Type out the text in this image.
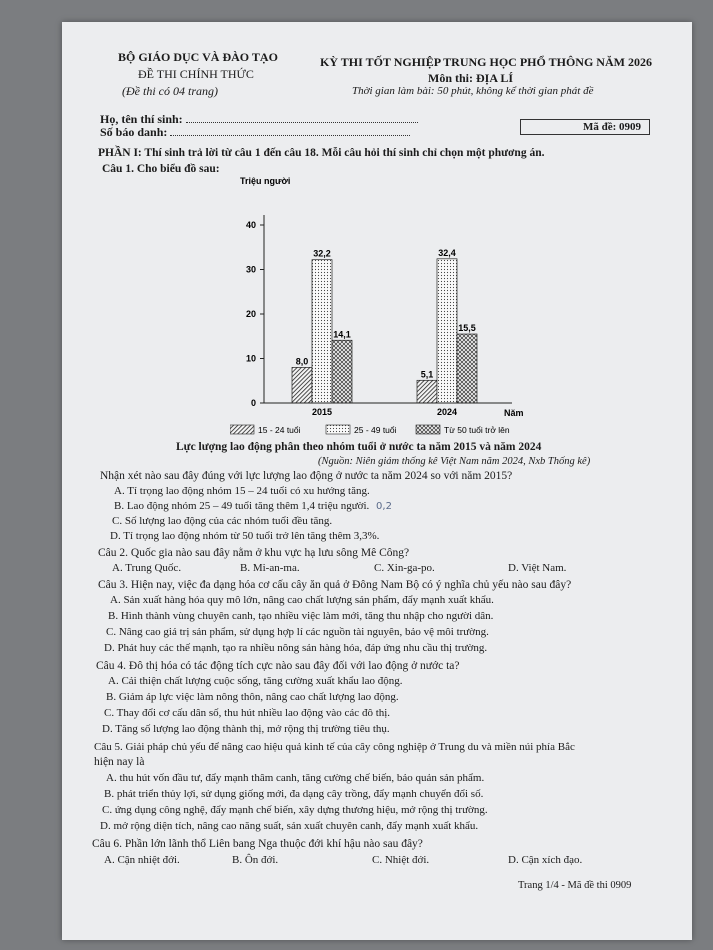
BỘ GIÁO DỤC VÀ ĐÀO TẠO
ĐỀ THI CHÍNH THỨC
(Đề thi có 04 trang)
KỲ THI TỐT NGHIỆP TRUNG HỌC PHỔ THÔNG NĂM 2026
Môn thi: ĐỊA LÍ
Thời gian làm bài: 50 phút, không kể thời gian phát đề
Họ, tên thí sinh:
Số báo danh:	Mã đề: 0909
PHẦN I: Thí sinh trả lời từ câu 1 đến câu 18. Mỗi câu hỏi thí sinh chỉ chọn một phương án.
Câu 1. Cho biểu đồ sau:
Triệu người
Năm
0
10
20
30
40
8,0
32,2
14,1
5,1
32,4
15,5
2015	2024
15 - 24 tuổi	25 - 49 tuổi	Từ 50 tuổi trở lên
Lực lượng lao động phân theo nhóm tuổi ở nước ta năm 2015 và năm 2024
(Nguồn: Niên giám thống kê Việt Nam năm 2024, Nxb Thống kê)
Nhận xét nào sau đây đúng với lực lượng lao động ở nước ta năm 2024 so với năm 2015?
A. Tỉ trọng lao động nhóm 15 – 24 tuổi có xu hướng tăng.
B. Lao động nhóm 25 – 49 tuổi tăng thêm 1,4 triệu người. 0,2
C. Số lượng lao động của các nhóm tuổi đều tăng.
D. Tỉ trọng lao động nhóm từ 50 tuổi trở lên tăng thêm 3,3%.
Câu 2. Quốc gia nào sau đây nằm ở khu vực hạ lưu sông Mê Công?
A. Trung Quốc.	B. Mi-an-ma.	C. Xin-ga-po.	D. Việt Nam.
Câu 3. Hiện nay, việc đa dạng hóa cơ cấu cây ăn quả ở Đông Nam Bộ có ý nghĩa chủ yếu nào sau đây?
A. Sản xuất hàng hóa quy mô lớn, nâng cao chất lượng sản phẩm, đẩy mạnh xuất khẩu.
B. Hình thành vùng chuyên canh, tạo nhiều việc làm mới, tăng thu nhập cho người dân.
C. Nâng cao giá trị sản phẩm, sử dụng hợp lí các nguồn tài nguyên, bảo vệ môi trường.
D. Phát huy các thế mạnh, tạo ra nhiều nông sản hàng hóa, đáp ứng nhu cầu thị trường.
Câu 4. Đô thị hóa có tác động tích cực nào sau đây đối với lao động ở nước ta?
A. Cải thiện chất lượng cuộc sống, tăng cường xuất khẩu lao động.
B. Giảm áp lực việc làm nông thôn, nâng cao chất lượng lao động.
C. Thay đổi cơ cấu dân số, thu hút nhiều lao động vào các đô thị.
D. Tăng số lượng lao động thành thị, mở rộng thị trường tiêu thụ.
Câu 5. Giải pháp chủ yếu để nâng cao hiệu quả kinh tế của cây công nghiệp ở Trung du và miền núi phía Bắc
hiện nay là
A. thu hút vốn đầu tư, đẩy mạnh thâm canh, tăng cường chế biến, bảo quản sản phẩm.
B. phát triển thủy lợi, sử dụng giống mới, đa dạng cây trồng, đẩy mạnh chuyển đổi số.
C. ứng dụng công nghệ, đẩy mạnh chế biến, xây dựng thương hiệu, mở rộng thị trường.
D. mở rộng diện tích, nâng cao năng suất, sản xuất chuyên canh, đẩy mạnh xuất khẩu.
Câu 6. Phần lớn lãnh thổ Liên bang Nga thuộc đới khí hậu nào sau đây?
A. Cận nhiệt đới.	B. Ôn đới.	C. Nhiệt đới.	D. Cận xích đạo.
Trang 1/4 - Mã đề thi 0909
